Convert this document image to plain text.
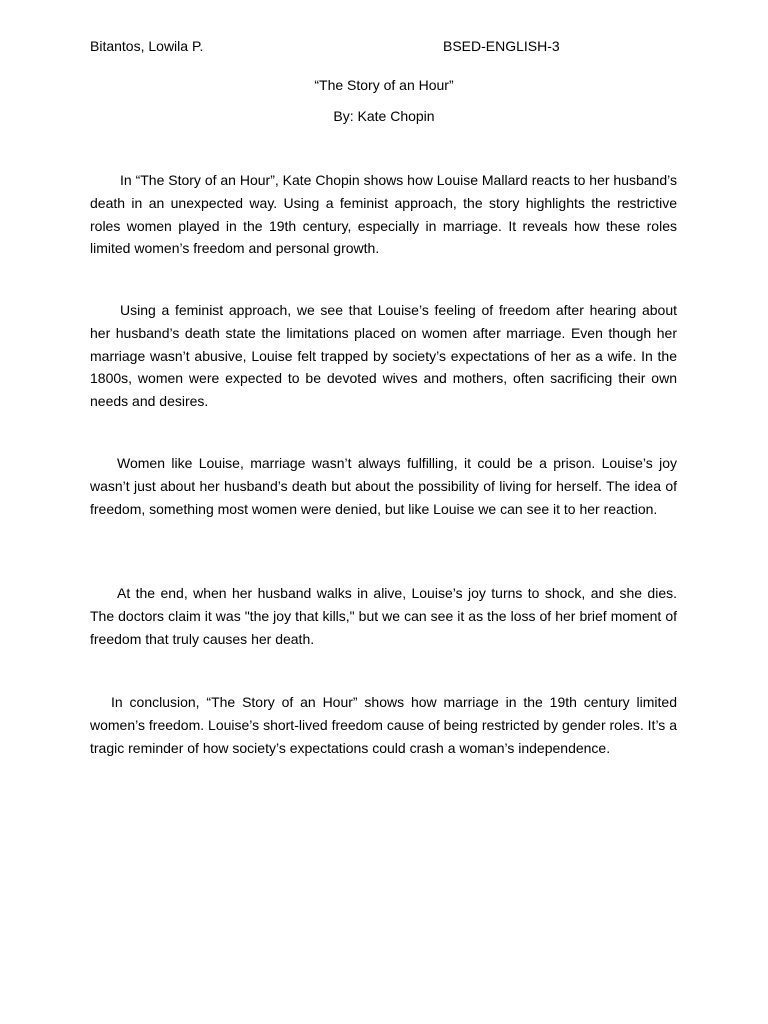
Bitantos, Lowila P.	BSED-ENGLISH-3
“The Story of an Hour”
By: Kate Chopin

In “The Story of an Hour”, Kate Chopin shows how Louise Mallard reacts to her husband’s death in an unexpected way. Using a feminist approach, the story highlights the restrictive roles women played in the 19th century, especially in marriage. It reveals how these roles limited women’s freedom and personal growth.

Using a feminist approach, we see that Louise’s feeling of freedom after hearing about her husband’s death state the limitations placed on women after marriage. Even though her marriage wasn’t abusive, Louise felt trapped by society’s expectations of her as a wife. In the 1800s, women were expected to be devoted wives and mothers, often sacrificing their own needs and desires.

Women like Louise, marriage wasn’t always fulfilling, it could be a prison. Louise’s joy wasn’t just about her husband’s death but about the possibility of living for herself. The idea of freedom, something most women were denied, but like Louise we can see it to her reaction.

At the end, when her husband walks in alive, Louise’s joy turns to shock, and she dies. The doctors claim it was "the joy that kills," but we can see it as the loss of her brief moment of freedom that truly causes her death.

In conclusion, “The Story of an Hour” shows how marriage in the 19th century limited women’s freedom. Louise’s short-lived freedom cause of being restricted by gender roles. It’s a tragic reminder of how society’s expectations could crash a woman’s independence.
